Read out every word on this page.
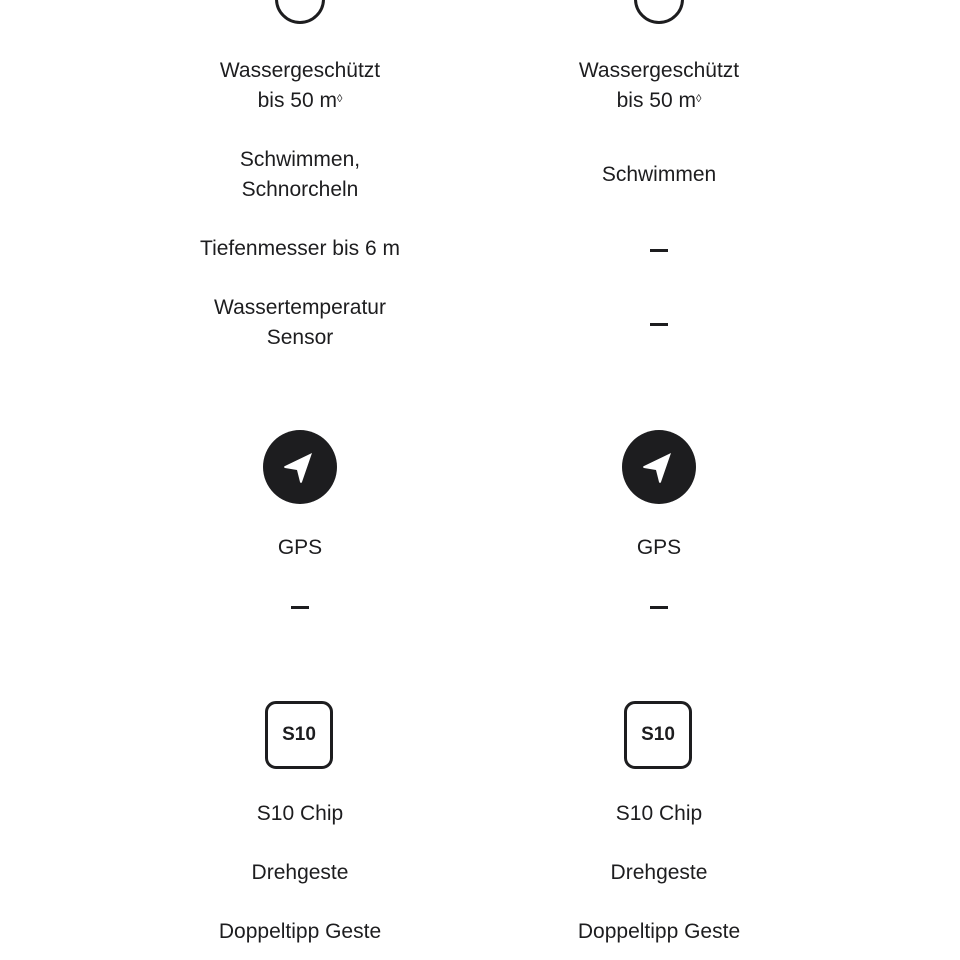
Wassergeschützt
bis 50 m◊
Schwimmen,
Schnorcheln
Tiefenmesser bis 6 m
Wassertemperatur
Sensor
GPS
S10
S10 Chip
Drehgeste
Doppeltipp Geste
Wassergeschützt
bis 50 m◊
Schwimmen
GPS
S10
S10 Chip
Drehgeste
Doppeltipp Geste
